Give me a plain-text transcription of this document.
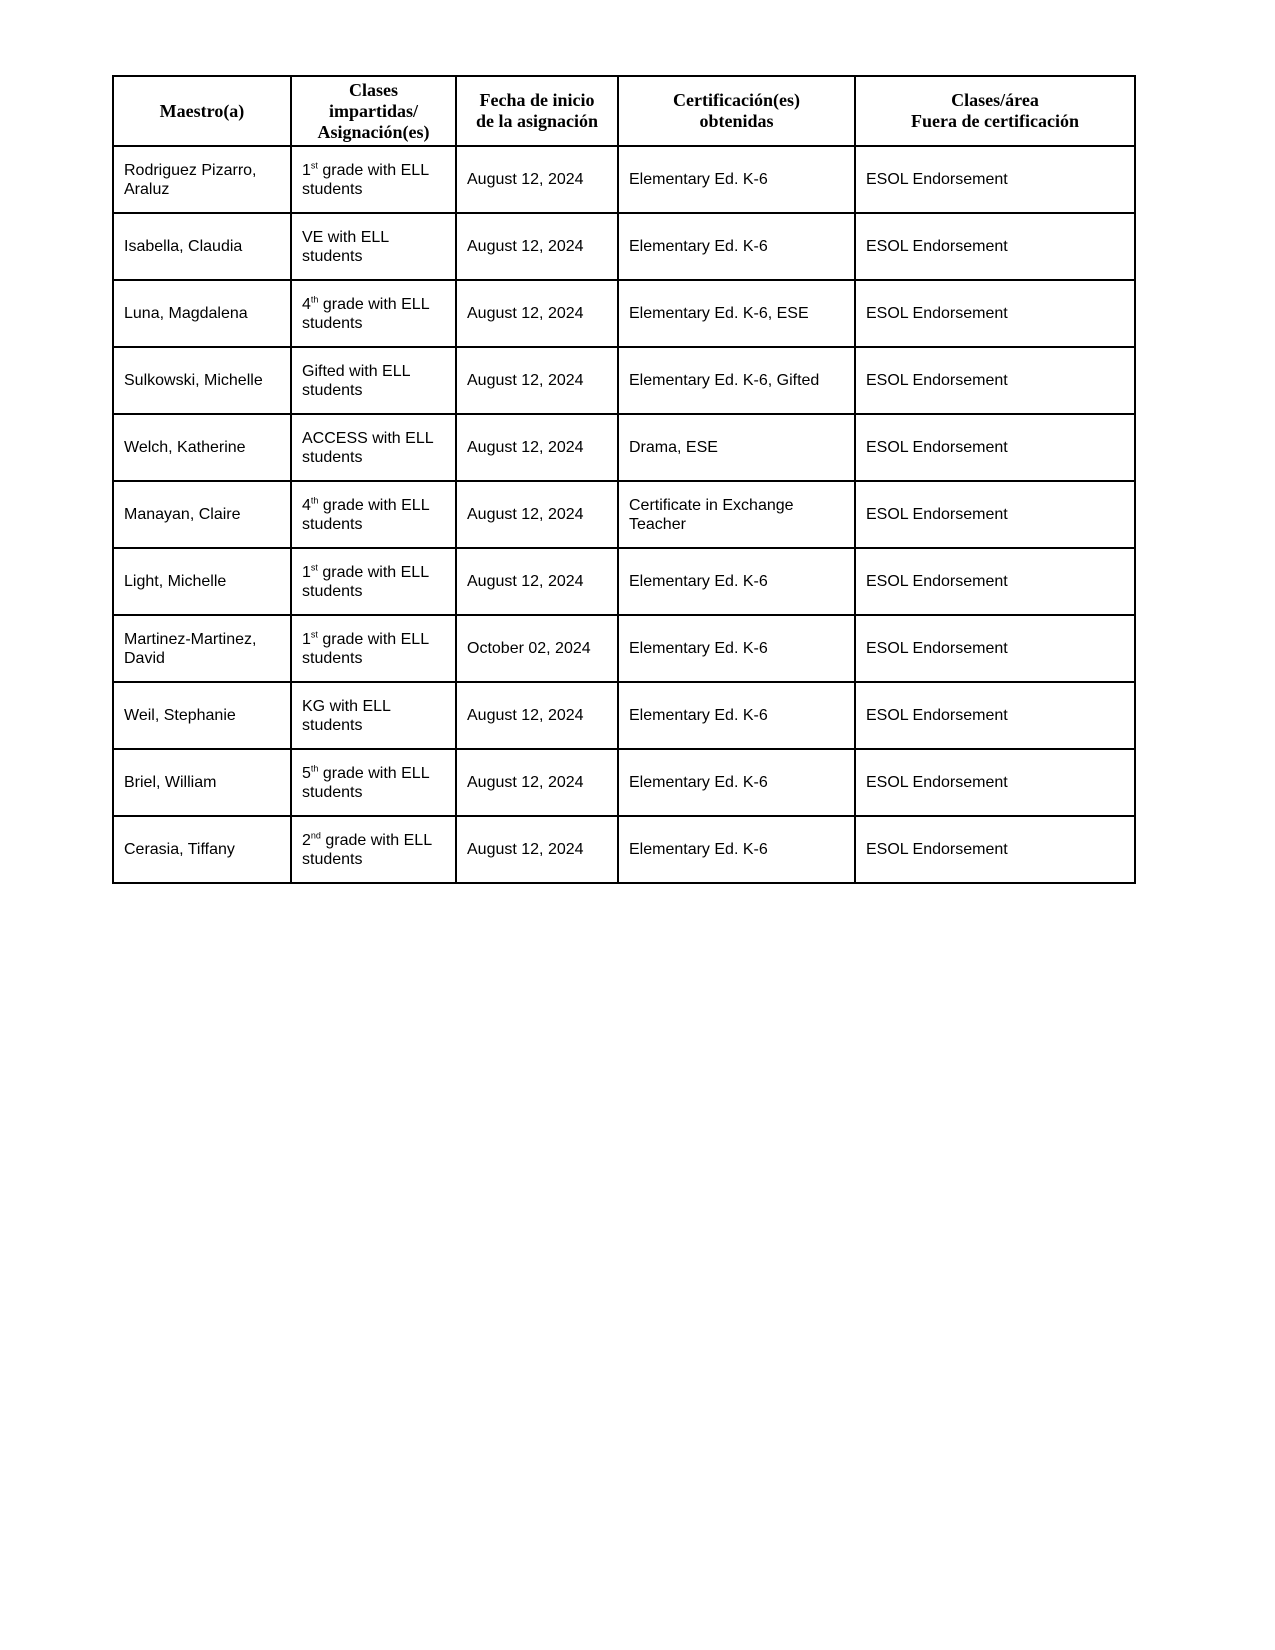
Maestro(a)	Clases
impartidas/
Asignación(es)	Fecha de inicio
de la asignación	Certificación(es)
obtenidas	Clases/área
Fuera de certificación

Rodriguez Pizarro,
Araluz	1st grade with ELL
students	August 12, 2024	Elementary Ed. K-6	ESOL Endorsement

Isabella, Claudia	VE with ELL
students	August 12, 2024	Elementary Ed. K-6	ESOL Endorsement

Luna, Magdalena	4th grade with ELL
students	August 12, 2024	Elementary Ed. K-6, ESE	ESOL Endorsement

Sulkowski, Michelle	Gifted with ELL
students	August 12, 2024	Elementary Ed. K-6, Gifted	ESOL Endorsement

Welch, Katherine	ACCESS with ELL
students	August 12, 2024	Drama, ESE	ESOL Endorsement

Manayan, Claire	4th grade with ELL
students	August 12, 2024	Certificate in Exchange
Teacher	ESOL Endorsement

Light, Michelle	1st grade with ELL
students	August 12, 2024	Elementary Ed. K-6	ESOL Endorsement

Martinez-Martinez,
David	1st grade with ELL
students	October 02, 2024	Elementary Ed. K-6	ESOL Endorsement

Weil, Stephanie	KG with ELL
students	August 12, 2024	Elementary Ed. K-6	ESOL Endorsement

Briel, William	5th grade with ELL
students	August 12, 2024	Elementary Ed. K-6	ESOL Endorsement

Cerasia, Tiffany	2nd grade with ELL
students	August 12, 2024	Elementary Ed. K-6	ESOL Endorsement
